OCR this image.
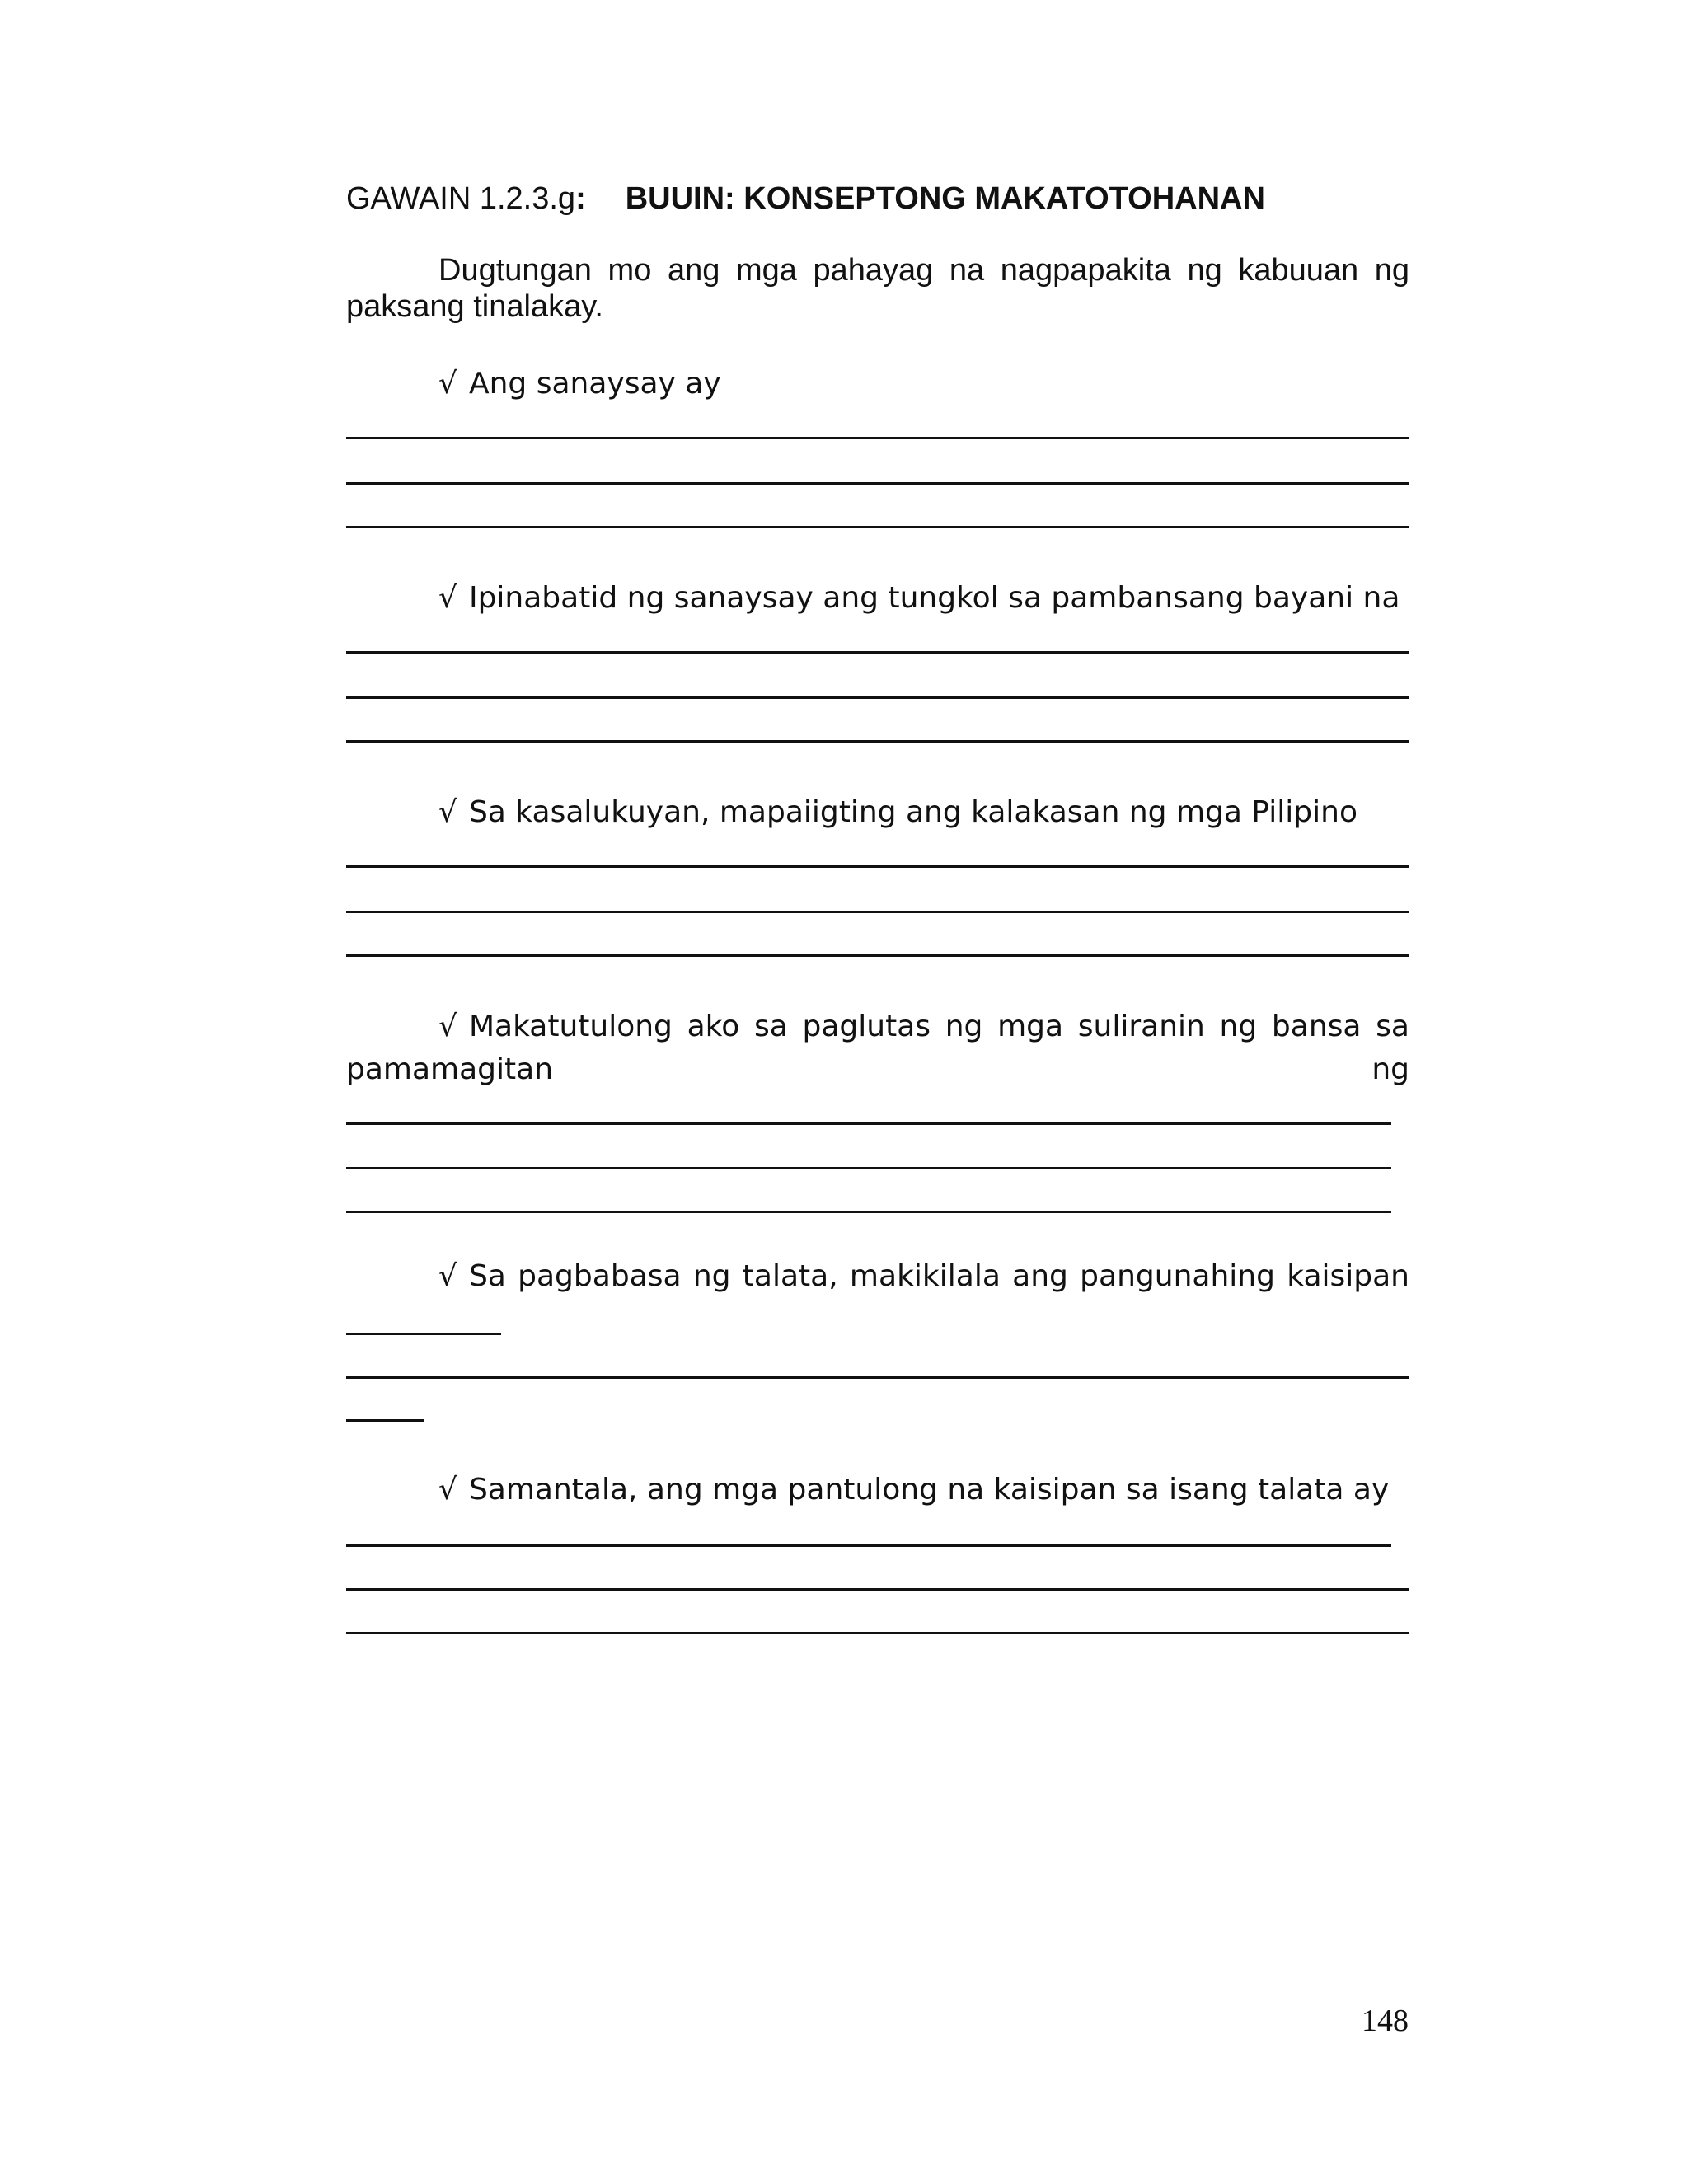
GAWAIN 1.2.3.g: BUUIN: KONSEPTONG MAKATOTOHANAN
Dugtungan mo ang mga pahayag na nagpapakita ng kabuuan ng paksang tinalakay.
√ Ang sanaysay ay
√ Ipinabatid ng sanaysay ang tungkol sa pambansang bayani na
√ Sa kasalukuyan, mapaiigting ang kalakasan ng mga Pilipino
√ Makatutulong ako sa paglutas ng mga suliranin ng bansa sa pamamagitan ng
√ Sa pagbabasa ng talata, makikilala ang pangunahing kaisipan
√ Samantala, ang mga pantulong na kaisipan sa isang talata ay
148
